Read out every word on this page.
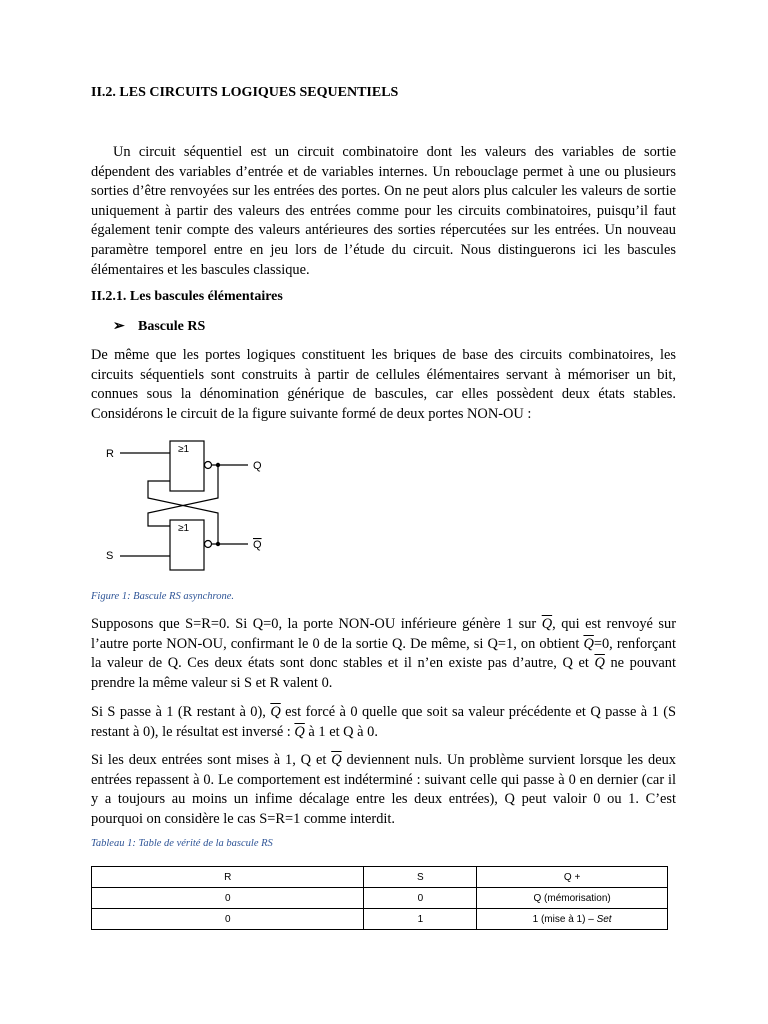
II.2. LES CIRCUITS LOGIQUES SEQUENTIELS

Un circuit séquentiel est un circuit combinatoire dont les valeurs des variables de sortie dépendent des variables d’entrée et de variables internes. Un rebouclage permet à une ou plusieurs sorties d’être renvoyées sur les entrées des portes. On ne peut alors plus calculer les valeurs de sortie uniquement à partir des valeurs des entrées comme pour les circuits combinatoires, puisqu’il faut également tenir compte des valeurs antérieures des sorties répercutées sur les entrées. Un nouveau paramètre temporel entre en jeu lors de l’étude du circuit. Nous distinguerons ici les bascules élémentaires et les bascules classique.

II.2.1. Les bascules élémentaires
➢ Bascule RS

De même que les portes logiques constituent les briques de base des circuits combinatoires, les circuits séquentiels sont construits à partir de cellules élémentaires servant à mémoriser un bit, connues sous la dénomination générique de bascules, car elles possèdent deux états stables. Considérons le circuit de la figure suivante formé de deux portes NON-OU :

R
S
Q
Q
≥1
≥1
Figure 1: Bascule RS asynchrone.

Supposons que S=R=0. Si Q=0, la porte NON-OU inférieure génère 1 sur $\overline{Q}$, qui est renvoyé sur l’autre porte NON-OU, confirmant le 0 de la sortie Q. De même, si Q=1, on obtient $\overline{Q}=0$, renforçant la valeur de Q. Ces deux états sont donc stables et il n’en existe pas d’autre, Q et $\overline{Q}$ ne pouvant prendre la même valeur si S et R valent 0.

Si S passe à 1 (R restant à 0), $\overline{Q}$ est forcé à 0 quelle que soit sa valeur précédente et Q passe à 1 (S restant à 0), le résultat est inversé : $\overline{Q}$ à 1 et Q à 0.

Si les deux entrées sont mises à 1, Q et $\overline{Q}$ deviennent nuls. Un problème survient lorsque les deux entrées repassent à 0. Le comportement est indéterminé : suivant celle qui passe à 0 en dernier (car il y a toujours au moins un infime décalage entre les deux entrées), Q peut valoir 0 ou 1. C’est pourquoi on considère le cas S=R=1 comme interdit.

Tableau 1: Table de vérité de la bascule RS
R	S	Q +
0	0	Q (mémorisation)
0	1	1 (mise à 1) – Set
